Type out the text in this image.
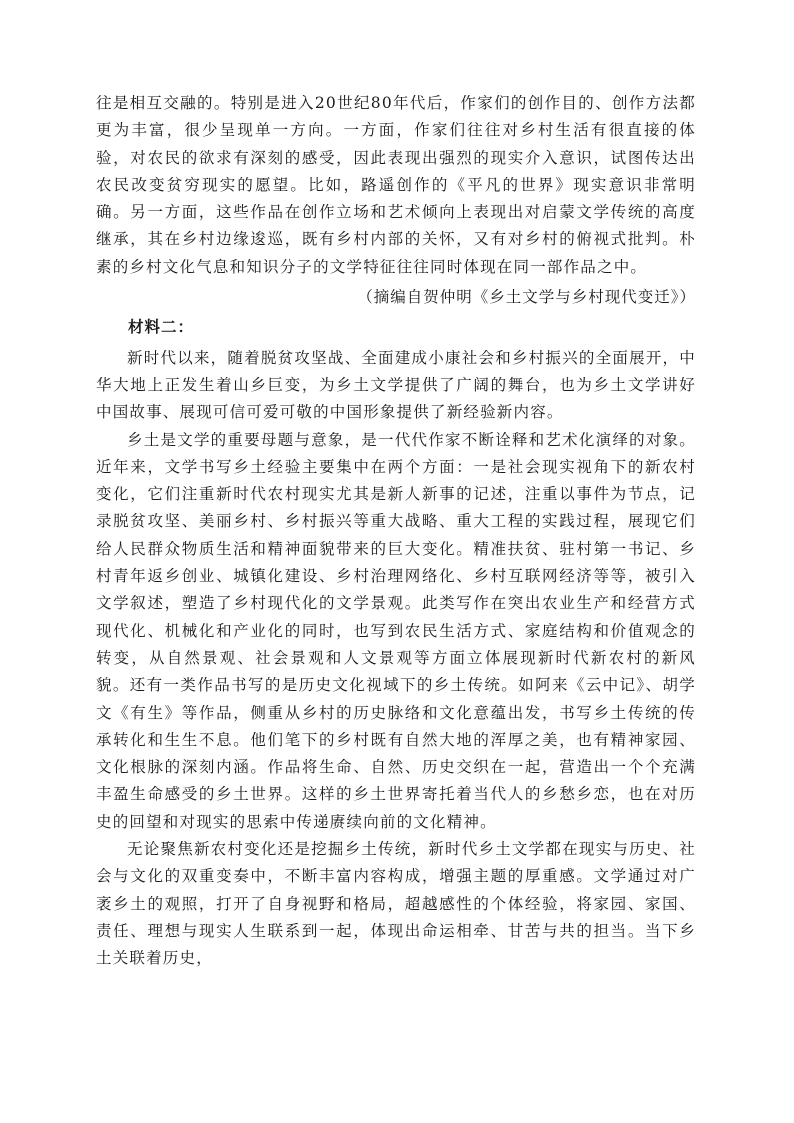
往是相互交融的。特别是进入20世纪80年代后，作家们的创作目的、创作方法都更为丰富，很少呈现单一方向。一方面，作家们往往对乡村生活有很直接的体验，对农民的欲求有深刻的感受，因此表现出强烈的现实介入意识，试图传达出农民改变贫穷现实的愿望。比如，路遥创作的《平凡的世界》现实意识非常明确。另一方面，这些作品在创作立场和艺术倾向上表现出对启蒙文学传统的高度继承，其在乡村边缘逡巡，既有乡村内部的关怀，又有对乡村的俯视式批判。朴素的乡村文化气息和知识分子的文学特征往往同时体现在同一部作品之中。

（摘编自贺仲明《乡土文学与乡村现代变迁》）

材料二：

新时代以来，随着脱贫攻坚战、全面建成小康社会和乡村振兴的全面展开，中华大地上正发生着山乡巨变，为乡土文学提供了广阔的舞台，也为乡土文学讲好中国故事、展现可信可爱可敬的中国形象提供了新经验新内容。

乡土是文学的重要母题与意象，是一代代作家不断诠释和艺术化演绎的对象。近年来，文学书写乡土经验主要集中在两个方面：一是社会现实视角下的新农村变化，它们注重新时代农村现实尤其是新人新事的记述，注重以事件为节点，记录脱贫攻坚、美丽乡村、乡村振兴等重大战略、重大工程的实践过程，展现它们给人民群众物质生活和精神面貌带来的巨大变化。精准扶贫、驻村第一书记、乡村青年返乡创业、城镇化建设、乡村治理网络化、乡村互联网经济等等，被引入文学叙述，塑造了乡村现代化的文学景观。此类写作在突出农业生产和经营方式现代化、机械化和产业化的同时，也写到农民生活方式、家庭结构和价值观念的转变，从自然景观、社会景观和人文景观等方面立体展现新时代新农村的新风貌。还有一类作品书写的是历史文化视域下的乡土传统。如阿来《云中记》、胡学文《有生》等作品，侧重从乡村的历史脉络和文化意蕴出发，书写乡土传统的传承转化和生生不息。他们笔下的乡村既有自然大地的浑厚之美，也有精神家园、文化根脉的深刻内涵。作品将生命、自然、历史交织在一起，营造出一个个充满丰盈生命感受的乡土世界。这样的乡土世界寄托着当代人的乡愁乡恋，也在对历史的回望和对现实的思索中传递赓续向前的文化精神。

无论聚焦新农村变化还是挖掘乡土传统，新时代乡土文学都在现实与历史、社会与文化的双重变奏中，不断丰富内容构成，增强主题的厚重感。文学通过对广袤乡土的观照，打开了自身视野和格局，超越感性的个体经验，将家园、家国、责任、理想与现实人生联系到一起，体现出命运相牵、甘苦与共的担当。当下乡土关联着历史，
